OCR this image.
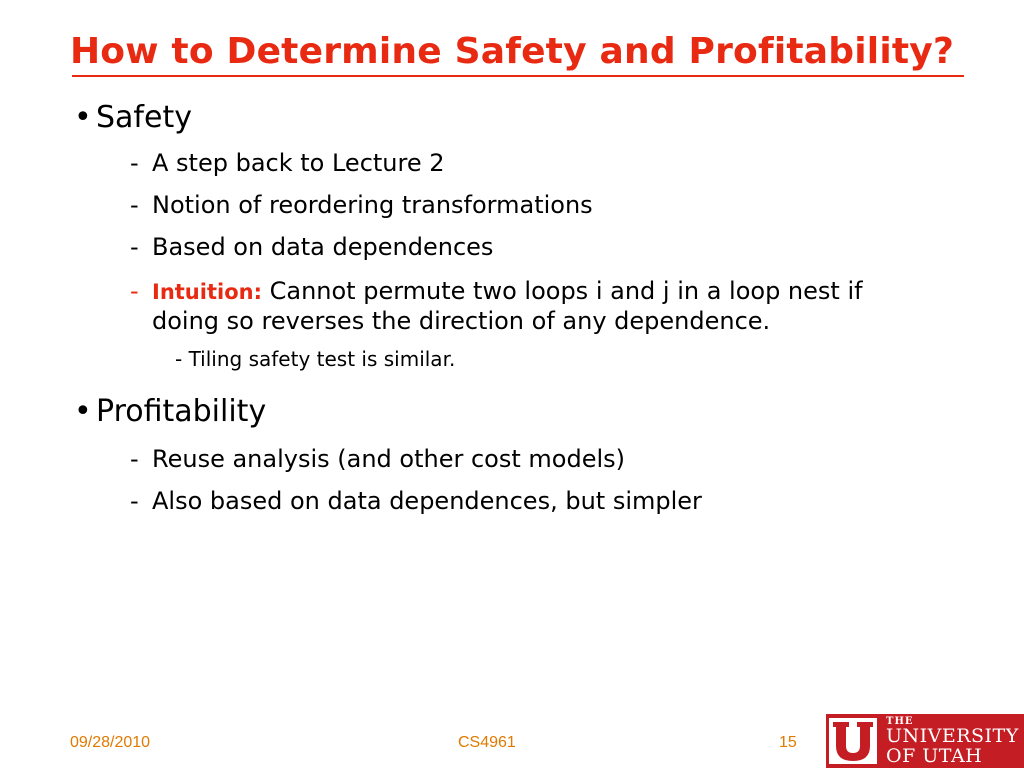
How to Determine Safety and Profitability?
• Safety
- A step back to Lecture 2
- Notion of reordering transformations
- Based on data dependences
- Intuition: Cannot permute two loops i and j in a loop nest if
doing so reverses the direction of any dependence.
- Tiling safety test is similar.
• Profitability
- Reuse analysis (and other cost models)
- Also based on data dependences, but simpler
09/28/2010	CS4961	15
THE
UNIVERSITY
OF UTAH
